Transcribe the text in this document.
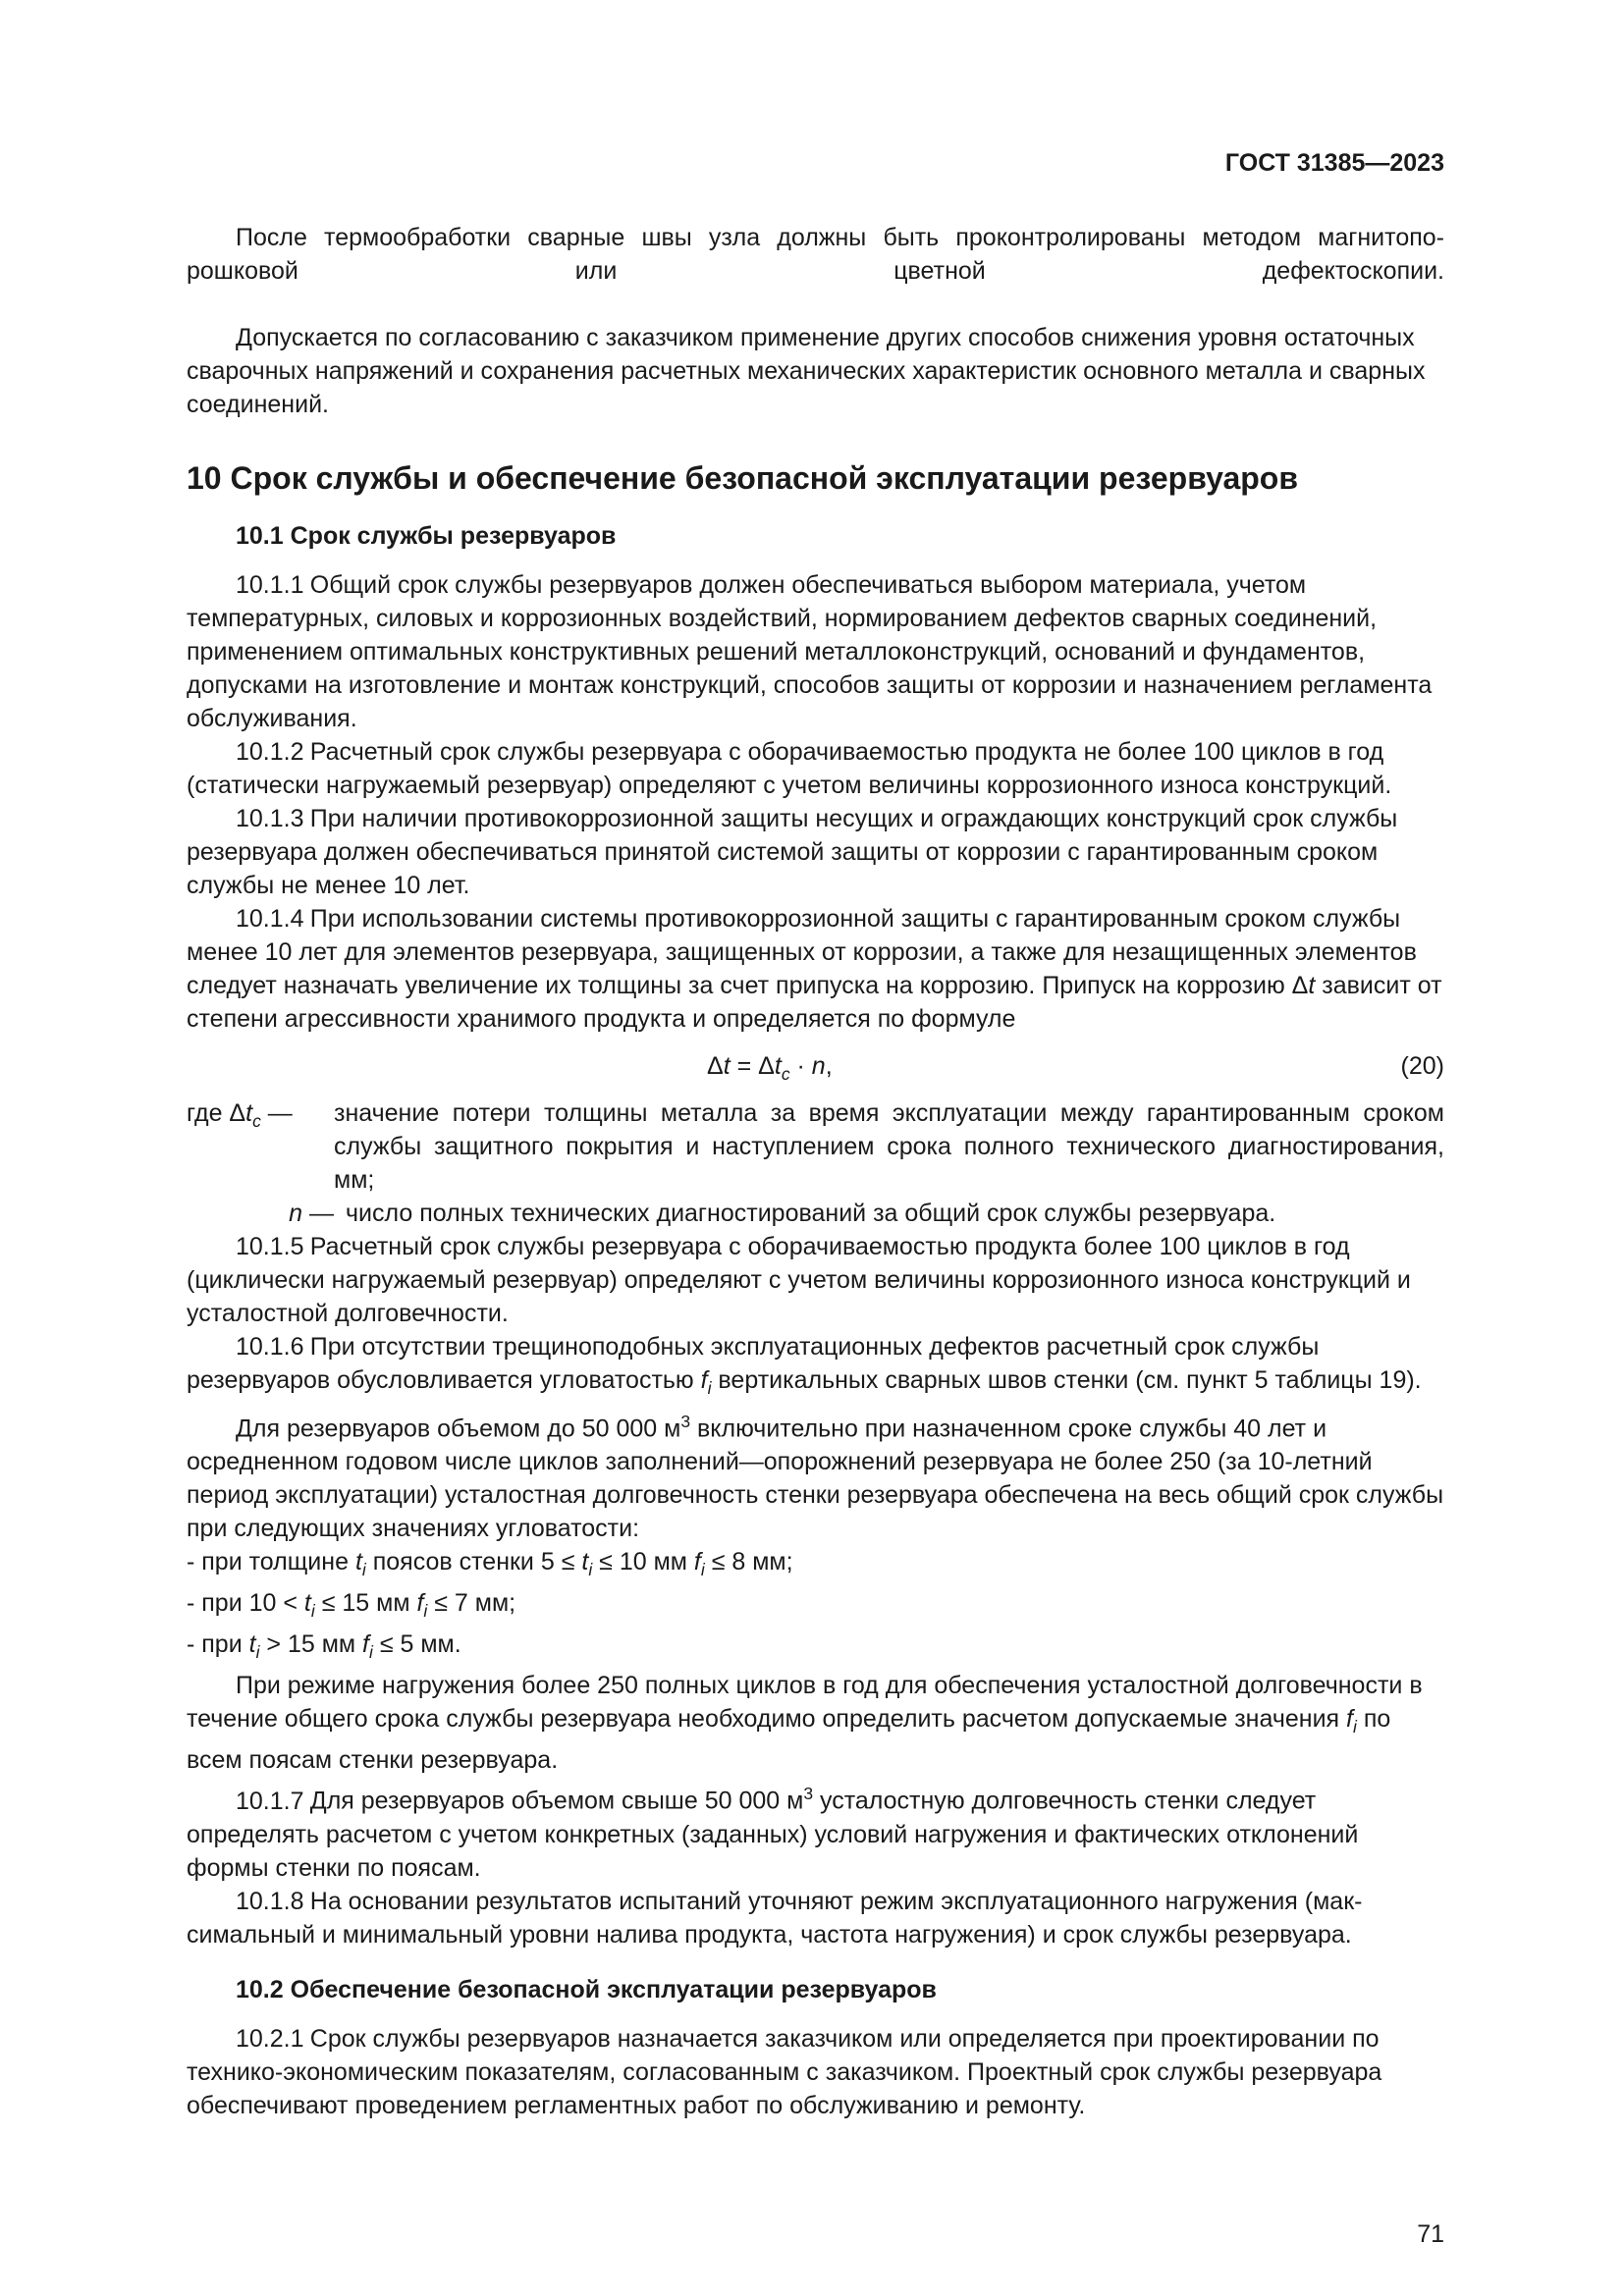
ГОСТ 31385—2023

После термообработки сварные швы узла должны быть проконтролированы методом магнитопорошковой или цветной дефектоскопии.

Допускается по согласованию с заказчиком применение других способов снижения уровня остаточных сварочных напряжений и сохранения расчетных механических характеристик основного металла и сварных соединений.

10 Срок службы и обеспечение безопасной эксплуатации резервуаров
10.1 Срок службы резервуаров

10.1.1 Общий срок службы резервуаров должен обеспечиваться выбором материала, учетом температурных, силовых и коррозионных воздействий, нормированием дефектов сварных соединений, применением оптимальных конструктивных решений металлоконструкций, оснований и фундаментов, допусками на изготовление и монтаж конструкций, способов защиты от коррозии и назначением регламента обслуживания.

10.1.2 Расчетный срок службы резервуара с оборачиваемостью продукта не более 100 циклов в год (статически нагружаемый резервуар) определяют с учетом величины коррозионного износа конструкций.

10.1.3 При наличии противокоррозионной защиты несущих и ограждающих конструкций срок службы резервуара должен обеспечиваться принятой системой защиты от коррозии с гарантированным сроком службы не менее 10 лет.

10.1.4 При использовании системы противокоррозионной защиты с гарантированным сроком службы менее 10 лет для элементов резервуара, защищенных от коррозии, а также для незащищенных элементов следует назначать увеличение их толщины за счет припуска на коррозию. Припуск на коррозию Δt зависит от степени агрессивности хранимого продукта и определяется по формуле

$\Delta t = \Delta t_c \cdot n$,	(20)
где $\Delta t_c$ —	значение потери толщины металла за время эксплуатации между гарантированным сроком службы защитного покрытия и наступлением срока полного технического диагностирования, мм;
n — число полных технических диагностирований за общий срок службы резервуара.

10.1.5 Расчетный срок службы резервуара с оборачиваемостью продукта более 100 циклов в год (циклически нагружаемый резервуар) определяют с учетом величины коррозионного износа конструкций и усталостной долговечности.

10.1.6 При отсутствии трещиноподобных эксплуатационных дефектов расчетный срок службы резервуаров обусловливается угловатостью $f_i$ вертикальных сварных швов стенки (см. пункт 5 таблицы 19).

Для резервуаров объемом до 50 000 $м^3$ включительно при назначенном сроке службы 40 лет и осредненном годовом числе циклов заполнений—опорожнений резервуара не более 250 (за 10-летний период эксплуатации) усталостная долговечность стенки резервуара обеспечена на весь общий срок службы при следующих значениях угловатости:

- при толщине $t_i$ поясов стенки $5 \le t_i \le 10$ мм $f_i \le 8$ мм;

- при $10 < t_i \le 15$ мм $f_i \le 7$ мм;

- при $t_i > 15$ мм $f_i \le 5$ мм.

При режиме нагружения более 250 полных циклов в год для обеспечения усталостной долговечности в течение общего срока службы резервуара необходимо определить расчетом допускаемые значения $f_i$ по всем поясам стенки резервуара.

10.1.7 Для резервуаров объемом свыше 50 000 $м^3$ усталостную долговечность стенки следует определять расчетом с учетом конкретных (заданных) условий нагружения и фактических отклонений формы стенки по поясам.

10.1.8 На основании результатов испытаний уточняют режим эксплуатационного нагружения (максимальный и минимальный уровни налива продукта, частота нагружения) и срок службы резервуара.

10.2 Обеспечение безопасной эксплуатации резервуаров

10.2.1 Срок службы резервуаров назначается заказчиком или определяется при проектировании по технико-экономическим показателям, согласованным с заказчиком. Проектный срок службы резервуара обеспечивают проведением регламентных работ по обслуживанию и ремонту.

71
